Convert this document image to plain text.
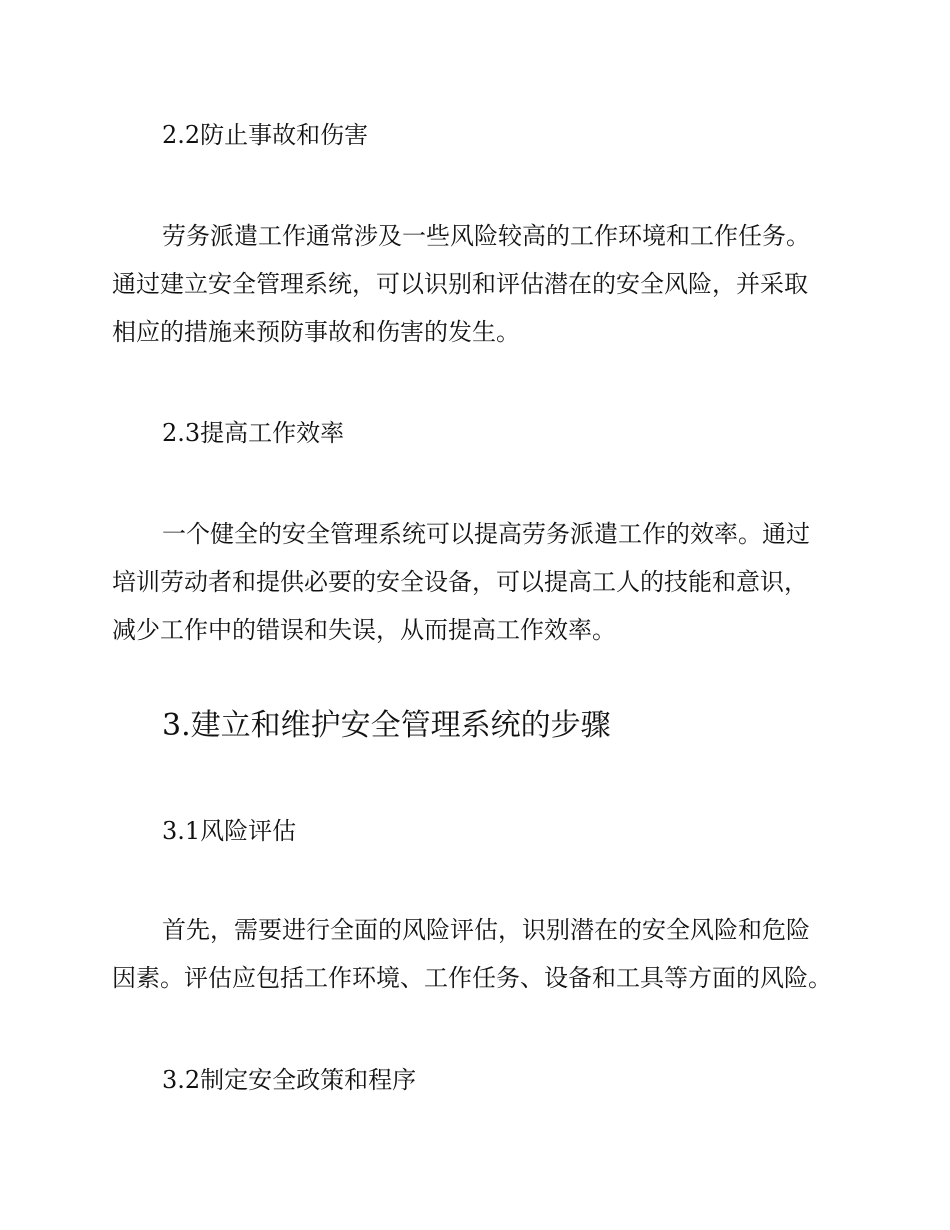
2.2防止事故和伤害

劳务派遣工作通常涉及一些风险较高的工作环境和工作任务。
通过建立安全管理系统，可以识别和评估潜在的安全风险，并采取
相应的措施来预防事故和伤害的发生。

2.3提高工作效率

一个健全的安全管理系统可以提高劳务派遣工作的效率。通过
培训劳动者和提供必要的安全设备，可以提高工人的技能和意识，
减少工作中的错误和失误，从而提高工作效率。

3.建立和维护安全管理系统的步骤
3.1风险评估

首先，需要进行全面的风险评估，识别潜在的安全风险和危险
因素。评估应包括工作环境、工作任务、设备和工具等方面的风险。

3.2制定安全政策和程序
